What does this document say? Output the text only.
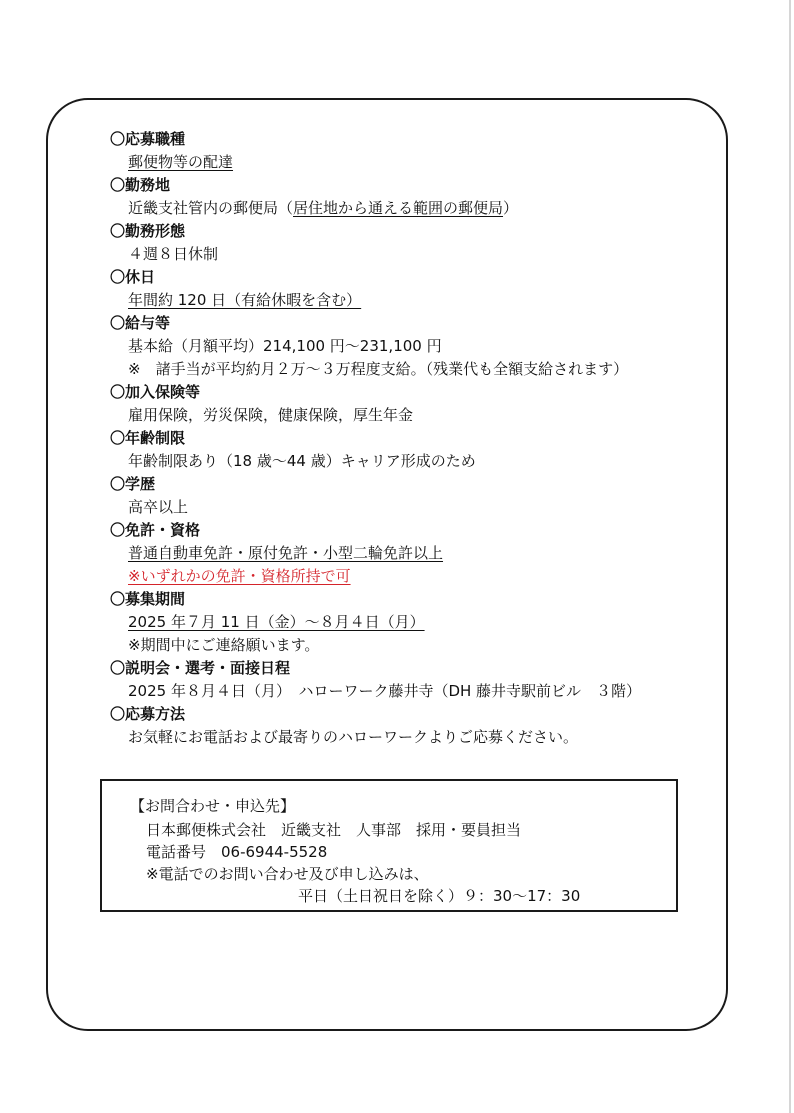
〇応募職種
郵便物等の配達
〇勤務地
近畿支社管内の郵便局（居住地から通える範囲の郵便局）
〇勤務形態
４週８日休制
〇休日
年間約 120 日（有給休暇を含む）
〇給与等
基本給（月額平均）214,100 円～231,100 円
※　諸手当が平均約月２万～３万程度支給。（残業代も全額支給されます）
〇加入保険等
雇用保険，労災保険，健康保険，厚生年金
〇年齢制限
年齢制限あり（18 歳～44 歳）キャリア形成のため
〇学歴
高卒以上
〇免許・資格
普通自動車免許・原付免許・小型二輪免許以上
※いずれかの免許・資格所持で可
〇募集期間
2025 年７月 11 日（金）～８月４日（月）
※期間中にご連絡願います。
〇説明会・選考・面接日程
2025 年８月４日（月）　ハローワーク藤井寺（DH 藤井寺駅前ビル　３階）
〇応募方法
お気軽にお電話および最寄りのハローワークよりご応募ください。
【お問合わせ・申込先】
日本郵便株式会社　近畿支社　人事部　採用・要員担当
電話番号　06-6944-5528
※電話でのお問い合わせ及び申し込みは、
平日（土日祝日を除く）９：30～17：30
